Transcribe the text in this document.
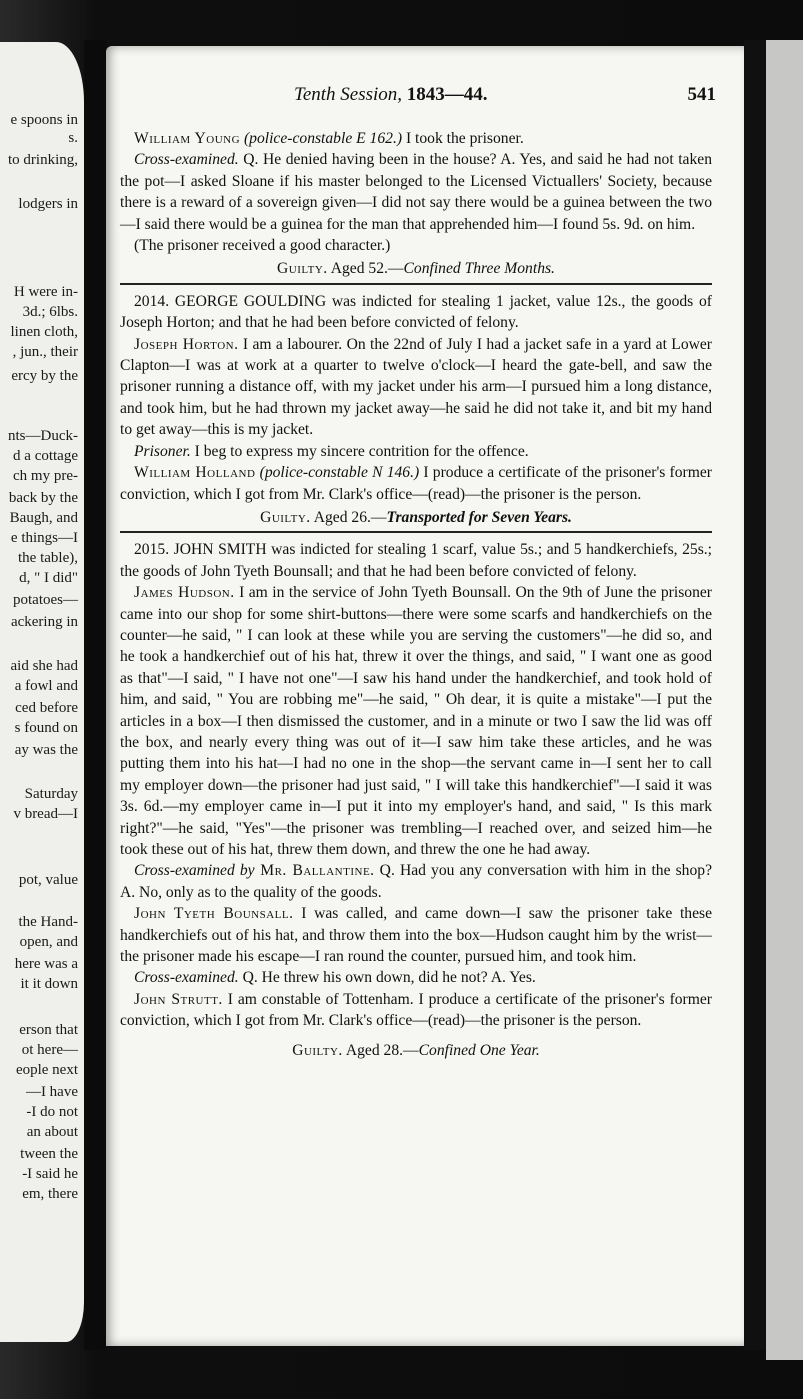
e spoons in
s.
to drinking,
lodgers in
H were in-
3d.; 6lbs.
linen cloth,
, jun., their
ercy by the
nts—Duck-
d a cottage
ch my pre-
back by the
Baugh, and
e things—I
the table),
d, " I did"
potatoes—
ackering in
aid she had
a fowl and
ced before
s found on
ay was the
Saturday
v bread—I
pot, value
the Hand-
open, and
here was a
it it down
erson that
ot here—
eople next
—I have
-I do not
an about
tween the
-I said he
em, there
Tenth Session, 1843—44.	541

William Young (police-constable E 162.) I took the prisoner.

Cross-examined. Q. He denied having been in the house? A. Yes, and said he had not taken the pot—I asked Sloane if his master belonged to the Licensed Victuallers' Society, because there is a reward of a sovereign given—I did not say there would be a guinea between the two—I said there would be a guinea for the man that apprehended him—I found 5s. 9d. on him.

(The prisoner received a good character.)

Guilty. Aged 52.—Confined Three Months.

2014. GEORGE GOULDING was indicted for stealing 1 jacket, value 12s., the goods of Joseph Horton; and that he had been before convicted of felony.

Joseph Horton. I am a labourer. On the 22nd of July I had a jacket safe in a yard at Lower Clapton—I was at work at a quarter to twelve o'clock—I heard the gate-bell, and saw the prisoner running a distance off, with my jacket under his arm—I pursued him a long distance, and took him, but he had thrown my jacket away—he said he did not take it, and bit my hand to get away—this is my jacket.

Prisoner. I beg to express my sincere contrition for the offence.

William Holland (police-constable N 146.) I produce a certificate of the prisoner's former conviction, which I got from Mr. Clark's office—(read)—the prisoner is the person.

Guilty. Aged 26.—Transported for Seven Years.

2015. JOHN SMITH was indicted for stealing 1 scarf, value 5s.; and 5 handkerchiefs, 25s.; the goods of John Tyeth Bounsall; and that he had been before convicted of felony.

James Hudson. I am in the service of John Tyeth Bounsall. On the 9th of June the prisoner came into our shop for some shirt-buttons—there were some scarfs and handkerchiefs on the counter—he said, " I can look at these while you are serving the customers"—he did so, and he took a handkerchief out of his hat, threw it over the things, and said, " I want one as good as that"—I said, " I have not one"—I saw his hand under the handkerchief, and took hold of him, and said, " You are robbing me"—he said, " Oh dear, it is quite a mistake"—I put the articles in a box—I then dismissed the customer, and in a minute or two I saw the lid was off the box, and nearly every thing was out of it—I saw him take these articles, and he was putting them into his hat—I had no one in the shop—the servant came in—I sent her to call my employer down—the prisoner had just said, " I will take this handkerchief"—I said it was 3s. 6d.—my employer came in—I put it into my employer's hand, and said, " Is this mark right?"—he said, "Yes"—the prisoner was trembling—I reached over, and seized him—he took these out of his hat, threw them down, and threw the one he had away.

Cross-examined by Mr. Ballantine. Q. Had you any conversation with him in the shop? A. No, only as to the quality of the goods.

John Tyeth Bounsall. I was called, and came down—I saw the prisoner take these handkerchiefs out of his hat, and throw them into the box—Hudson caught him by the wrist—the prisoner made his escape—I ran round the counter, pursued him, and took him.

Cross-examined. Q. He threw his own down, did he not? A. Yes.

John Strutt. I am constable of Tottenham. I produce a certificate of the prisoner's former conviction, which I got from Mr. Clark's office—(read)—the prisoner is the person.

Guilty. Aged 28.—Confined One Year.
